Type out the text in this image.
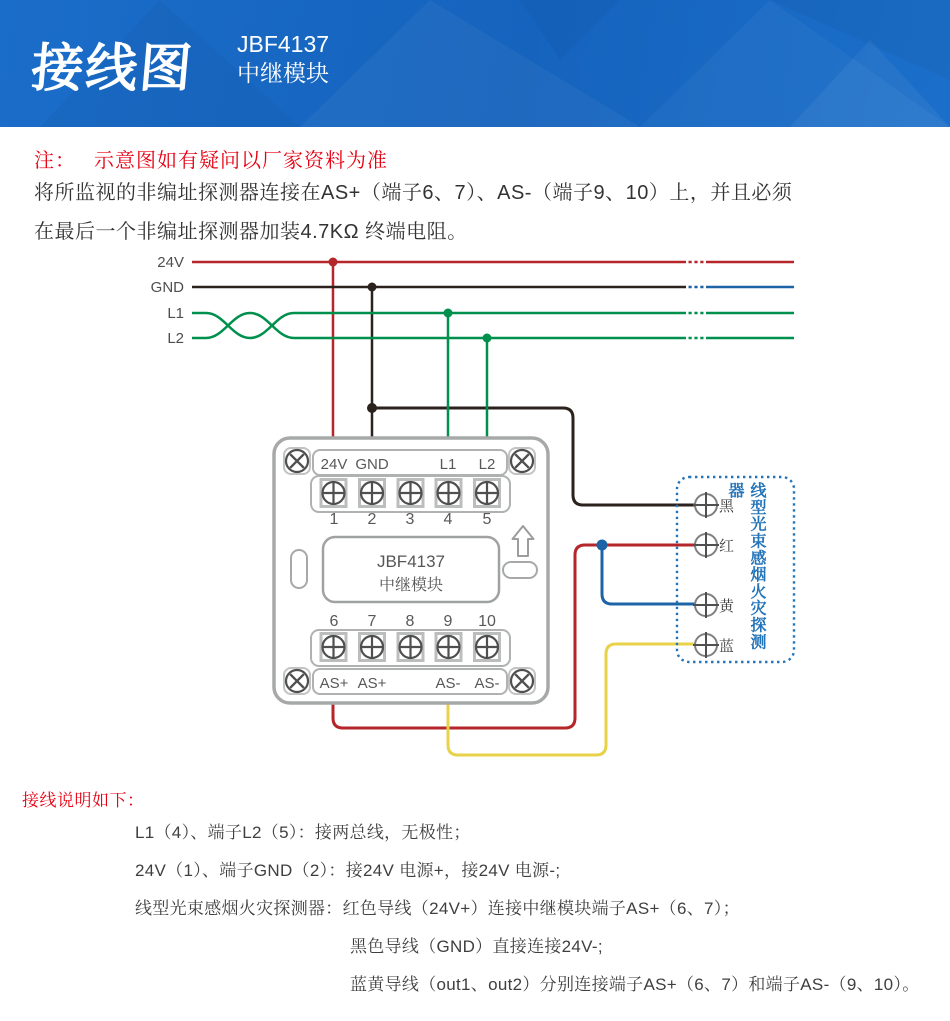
接线图 JBF4137
中继模块
注： 示意图如有疑问以厂家资料为准
将所监视的非编址探测器连接在AS+（端子6、7）、AS-（端子9、10）上，并且必须
在最后一个非编址探测器加装4.7KΩ 终端电阻。
24V
GND
L1
L2
24V GND	L1 L2
1 2 3 4 5
JBF4137
中继模块
6 7 8 9 10
AS+ AS+	AS- AS-
黑
红
黄
蓝 线型光束感烟火灾探测器
接线说明如下：
L1（4）、端子L2（5）：接两总线，无极性；
24V（1）、端子GND（2）：接24V 电源+，接24V 电源-;
线型光束感烟火灾探测器：红色导线（24V+）连接中继模块端子AS+（6、7）；
黑色导线（GND）直接连接24V-;
蓝黄导线（out1、out2）分别连接端子AS+（6、7）和端子AS-（9、10）。
